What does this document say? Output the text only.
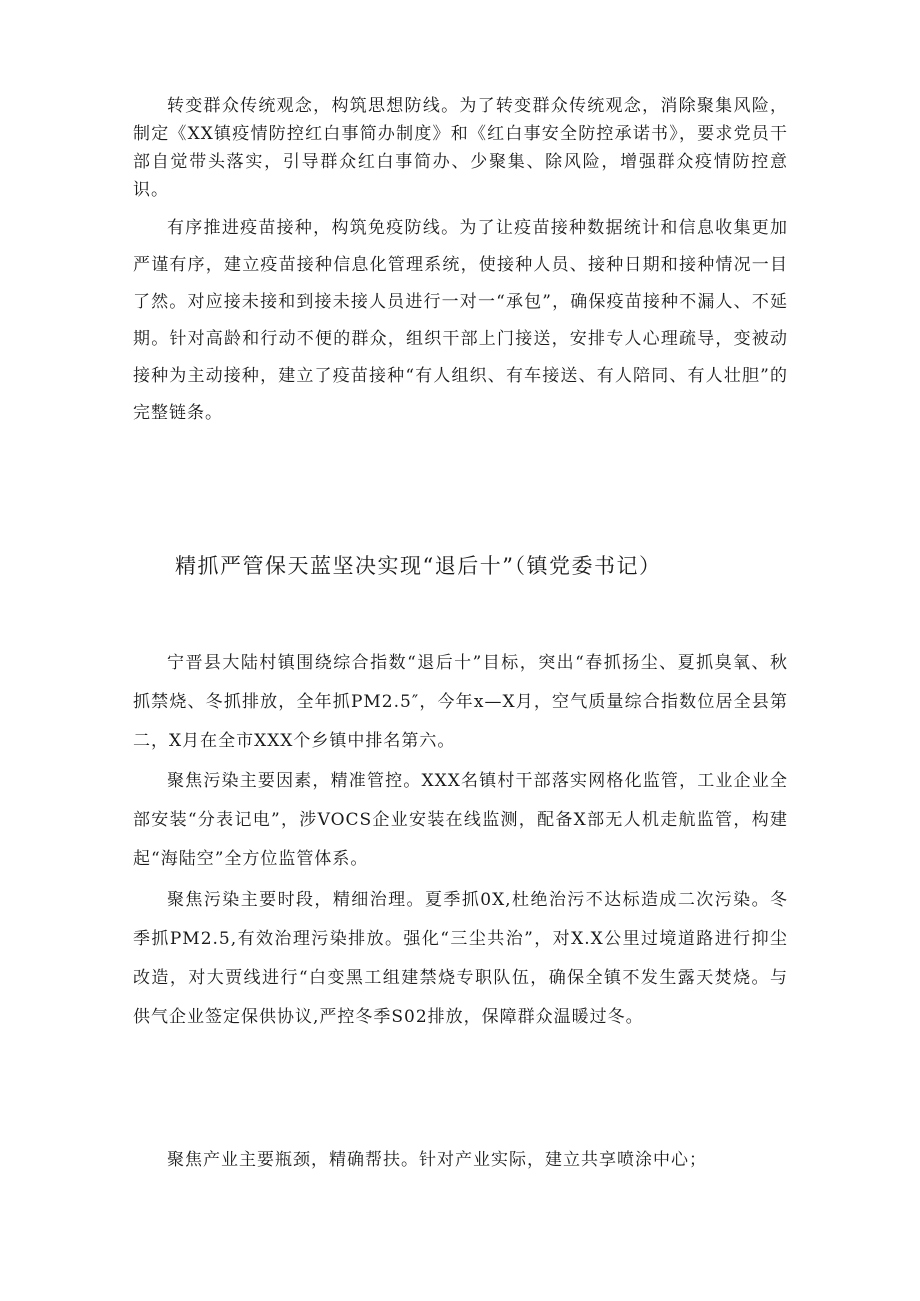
转变群众传统观念，构筑思想防线。为了转变群众传统观念，消除聚集风险，制定《XX镇疫情防控红白事简办制度》和《红白事安全防控承诺书》，要求党员干部自觉带头落实，引导群众红白事简办、少聚集、除风险，增强群众疫情防控意识。

有序推进疫苗接种，构筑免疫防线。为了让疫苗接种数据统计和信息收集更加严谨有序，建立疫苗接种信息化管理系统，使接种人员、接种日期和接种情况一目了然。对应接未接和到接未接人员进行一对一“承包”，确保疫苗接种不漏人、不延期。针对高龄和行动不便的群众，组织干部上门接送，安排专人心理疏导，变被动接种为主动接种，建立了疫苗接种“有人组织、有车接送、有人陪同、有人壮胆”的完整链条。

精抓严管保天蓝坚决实现“退后十”（镇党委书记）

宁晋县大陆村镇围绕综合指数“退后十”目标，突出“春抓扬尘、夏抓臭氧、秋抓禁烧、冬抓排放，全年抓PM2.5″，今年x—X月，空气质量综合指数位居全县第二，X月在全市XXX个乡镇中排名第六。

聚焦污染主要因素，精准管控。XXX名镇村干部落实网格化监管，工业企业全部安装“分表记电”，涉VOCS企业安装在线监测，配备X部无人机走航监管，构建起“海陆空”全方位监管体系。

聚焦污染主要时段，精细治理。夏季抓0X,杜绝治污不达标造成二次污染。冬季抓PM2.5,有效治理污染排放。强化“三尘共治”，对X.X公里过境道路进行抑尘改造，对大贾线进行“白变黑工组建禁烧专职队伍，确保全镇不发生露天焚烧。与供气企业签定保供协议,严控冬季S02排放，保障群众温暖过冬。

聚焦产业主要瓶颈，精确帮扶。针对产业实际，建立共享喷涂中心；
